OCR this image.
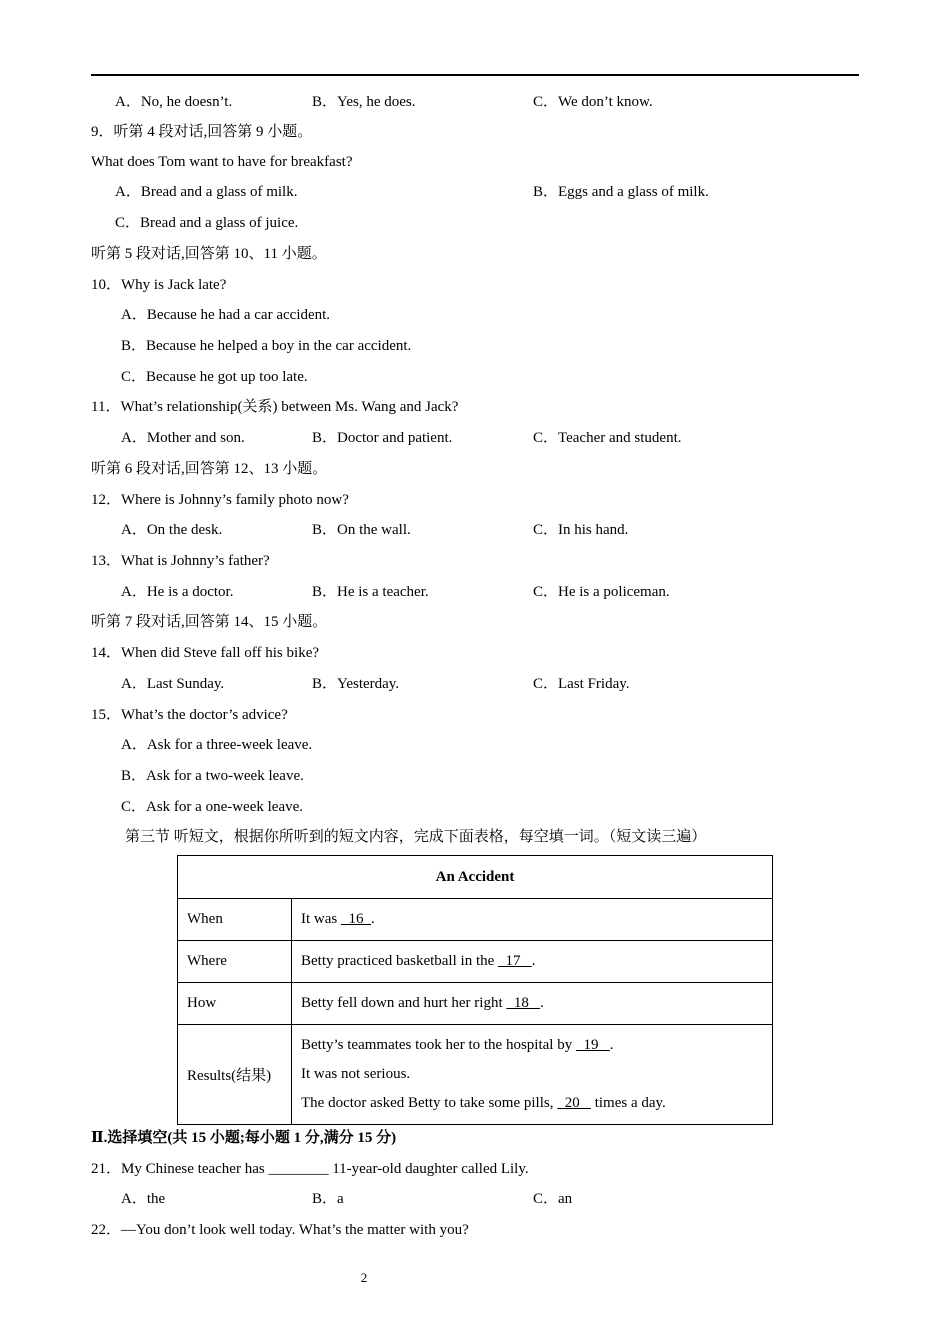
A．No, he doesn’t.	B．Yes, he does.	C．We don’t know.
9．听第 4 段对话,回答第 9 小题。
What does Tom want to have for breakfast?
A．Bread and a glass of milk.	B．Eggs and a glass of milk.
C．Bread and a glass of juice.
听第 5 段对话,回答第 10、11 小题。
10．Why is Jack late?
A．Because he had a car accident.
B．Because he helped a boy in the car accident.
C．Because he got up too late.
11．What’s relationship(关系) between Ms. Wang and Jack?
A．Mother and son.	B．Doctor and patient.	C．Teacher and student.
听第 6 段对话,回答第 12、13 小题。
12．Where is Johnny’s family photo now?
A．On the desk.	B．On the wall.	C．In his hand.
13．What is Johnny’s father?
A．He is a doctor.	B．He is a teacher.	C．He is a policeman.
听第 7 段对话,回答第 14、15 小题。
14．When did Steve fall off his bike?
A．Last Sunday.	B．Yesterday.	C．Last Friday.
15．What’s the doctor’s advice?
A．Ask for a three-week leave.
B．Ask for a two-week leave.
C．Ask for a one-week leave.
第三节 听短文，根据你所听到的短文内容，完成下面表格，每空填一词。（短文读三遍）
An Accident	
When	It was   16  .
Where	Betty practiced basketball in the   17   .
How	Betty fell down and hurt her right   18   .
Results(结果)	Betty’s teammates took her to the hospital by   19   .
It was not serious.
The doctor asked Betty to take some pills,   20    times a day.
Ⅱ.选择填空(共 15 小题;每小题 1 分,满分 15 分)
21．My Chinese teacher has ________ 11-year-old daughter called Lily.
A．the	B．a	C．an
22．—You don’t look well today. What’s the matter with you?
2
